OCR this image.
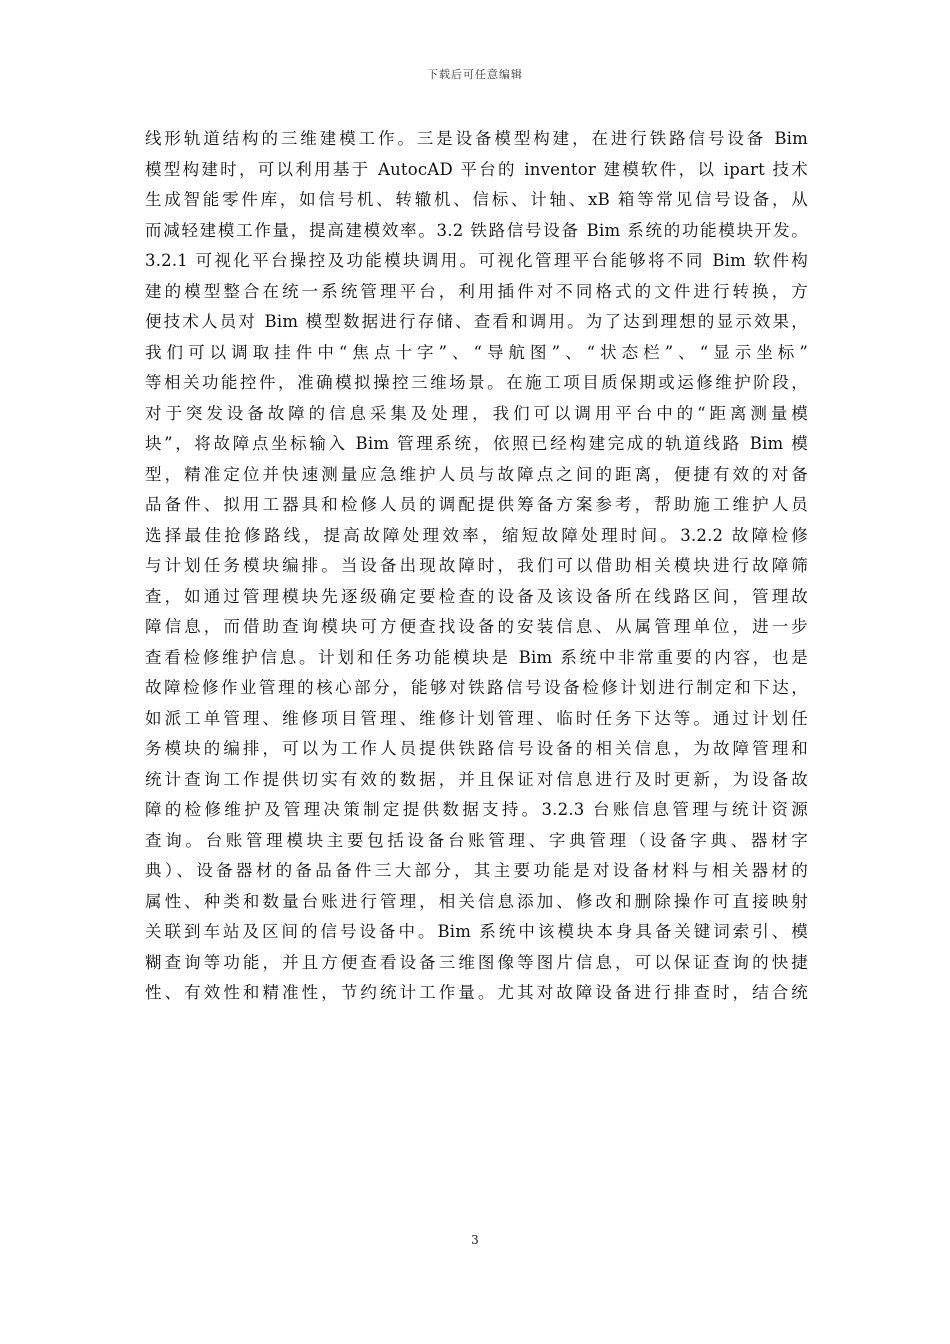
下载后可任意编辑
线形轨道结构的三维建模工作。三是设备模型构建，在进行铁路信号设备 Bim
模型构建时，可以利用基于 AutocAD 平台的 inventor 建模软件，以 ipart 技术
生成智能零件库，如信号机、转辙机、信标、计轴、xB 箱等常见信号设备，从
而减轻建模工作量，提高建模效率。3.2 铁路信号设备 Bim 系统的功能模块开发。
3.2.1 可视化平台操控及功能模块调用。可视化管理平台能够将不同 Bim 软件构
建的模型整合在统一系统管理平台，利用插件对不同格式的文件进行转换，方
便技术人员对 Bim 模型数据进行存储、查看和调用。为了达到理想的显示效果，
我们可以调取挂件中“焦点十字”、“导航图”、“状态栏”、“显示坐标”
等相关功能控件，准确模拟操控三维场景。在施工项目质保期或运修维护阶段，
对于突发设备故障的信息采集及处理，我们可以调用平台中的“距离测量模
块”，将故障点坐标输入 Bim 管理系统，依照已经构建完成的轨道线路 Bim 模
型，精准定位并快速测量应急维护人员与故障点之间的距离，便捷有效的对备
品备件、拟用工器具和检修人员的调配提供筹备方案参考，帮助施工维护人员
选择最佳抢修路线，提高故障处理效率，缩短故障处理时间。3.2.2 故障检修
与计划任务模块编排。当设备出现故障时，我们可以借助相关模块进行故障筛
查，如通过管理模块先逐级确定要检查的设备及该设备所在线路区间，管理故
障信息，而借助查询模块可方便查找设备的安装信息、从属管理单位，进一步
查看检修维护信息。计划和任务功能模块是 Bim 系统中非常重要的内容，也是
故障检修作业管理的核心部分，能够对铁路信号设备检修计划进行制定和下达，
如派工单管理、维修项目管理、维修计划管理、临时任务下达等。通过计划任
务模块的编排，可以为工作人员提供铁路信号设备的相关信息，为故障管理和
统计查询工作提供切实有效的数据，并且保证对信息进行及时更新，为设备故
障的检修维护及管理决策制定提供数据支持。3.2.3 台账信息管理与统计资源
查询。台账管理模块主要包括设备台账管理、字典管理（设备字典、器材字
典）、设备器材的备品备件三大部分，其主要功能是对设备材料与相关器材的
属性、种类和数量台账进行管理，相关信息添加、修改和删除操作可直接映射
关联到车站及区间的信号设备中。Bim 系统中该模块本身具备关键词索引、模
糊查询等功能，并且方便查看设备三维图像等图片信息，可以保证查询的快捷
性、有效性和精准性，节约统计工作量。尤其对故障设备进行排查时，结合统
3
